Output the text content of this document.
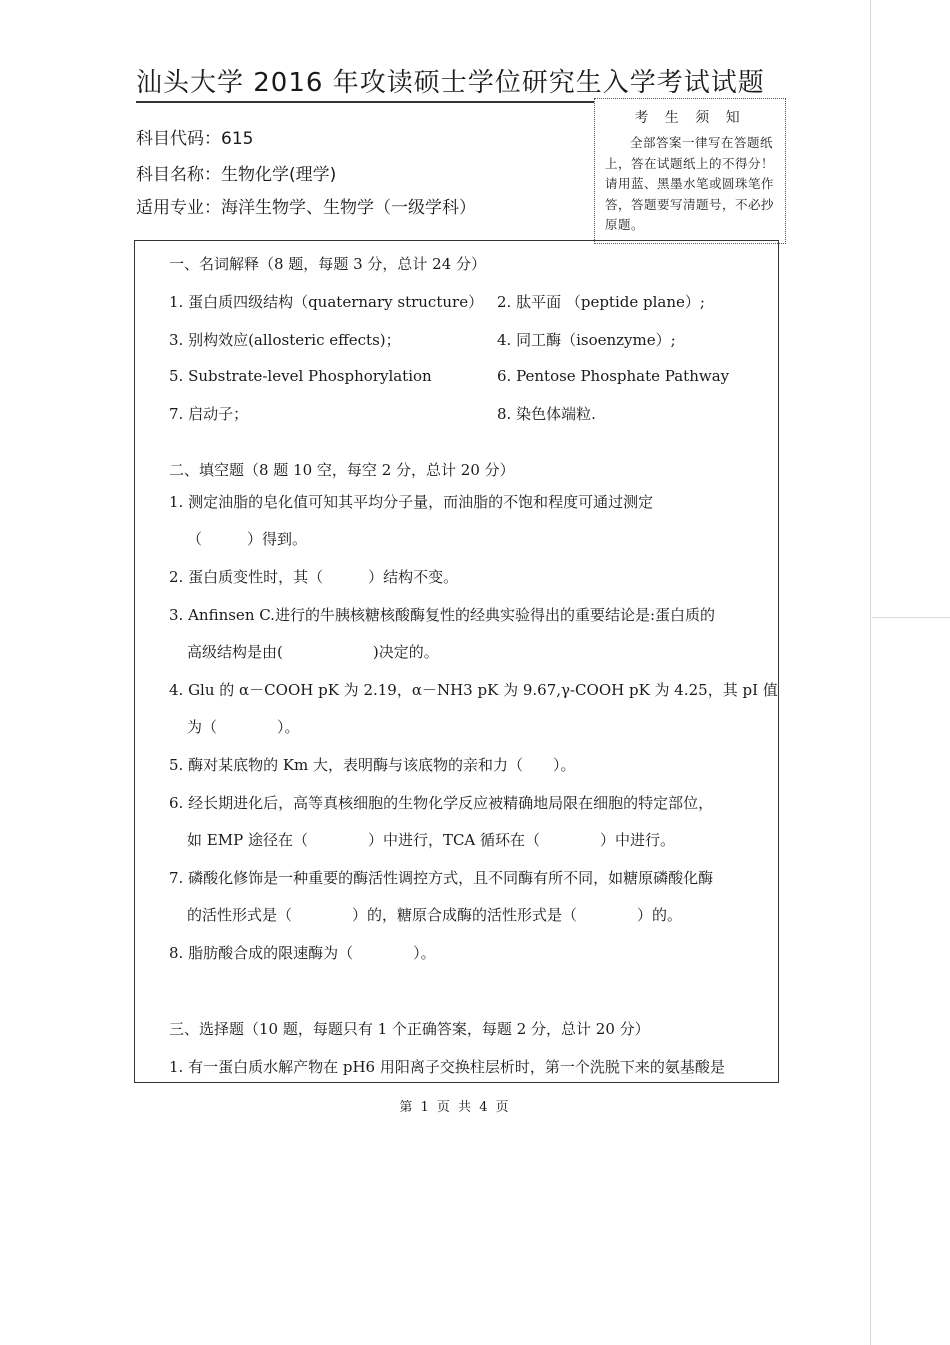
汕头大学 2016 年攻读硕士学位研究生入学考试试题
科目代码：615
科目名称：生物化学(理学)
适用专业：海洋生物学、生物学（一级学科）
考 生 须 知
全部答案一律写在答题纸上，答在试题纸上的不得分！请用蓝、黑墨水笔或圆珠笔作答，答题要写清题号，不必抄原题。
一、名词解释（8 题，每题 3 分，总计 24 分）
1. 蛋白质四级结构（quaternary structure） 2. 肽平面 （peptide plane）;
3. 别构效应(allosteric effects)；	4. 同工酶（isoenzyme）;
5. Substrate-level Phosphorylation	6. Pentose Phosphate Pathway
7. 启动子；	8. 染色体端粒.
二、填空题（8 题 10 空，每空 2 分，总计 20 分）
1. 测定油脂的皂化值可知其平均分子量，而油脂的不饱和程度可通过测定
（　　　）得到。
2. 蛋白质变性时，其（　　　）结构不变。
3. Anfinsen C.进行的牛胰核糖核酸酶复性的经典实验得出的重要结论是:蛋白质的
高级结构是由(　　　　　　)决定的。
4. Glu 的 α－COOH pK 为 2.19，α－NH3 pK 为 9.67,γ-COOH pK 为 4.25，其 pI 值
为（　　　　）。
5. 酶对某底物的 Km 大，表明酶与该底物的亲和力（　　）。
6. 经长期进化后，高等真核细胞的生物化学反应被精确地局限在细胞的特定部位，
如 EMP 途径在（　　　　）中进行，TCA 循环在（　　　　）中进行。
7. 磷酸化修饰是一种重要的酶活性调控方式，且不同酶有所不同，如糖原磷酸化酶
的活性形式是（　　　　）的，糖原合成酶的活性形式是（　　　　）的。
8. 脂肪酸合成的限速酶为（　　　　）。
三、选择题（10 题，每题只有 1 个正确答案，每题 2 分，总计 20 分）
1. 有一蛋白质水解产物在 pH6 用阳离子交换柱层析时，第一个洗脱下来的氨基酸是
第 1 页 共 4 页
